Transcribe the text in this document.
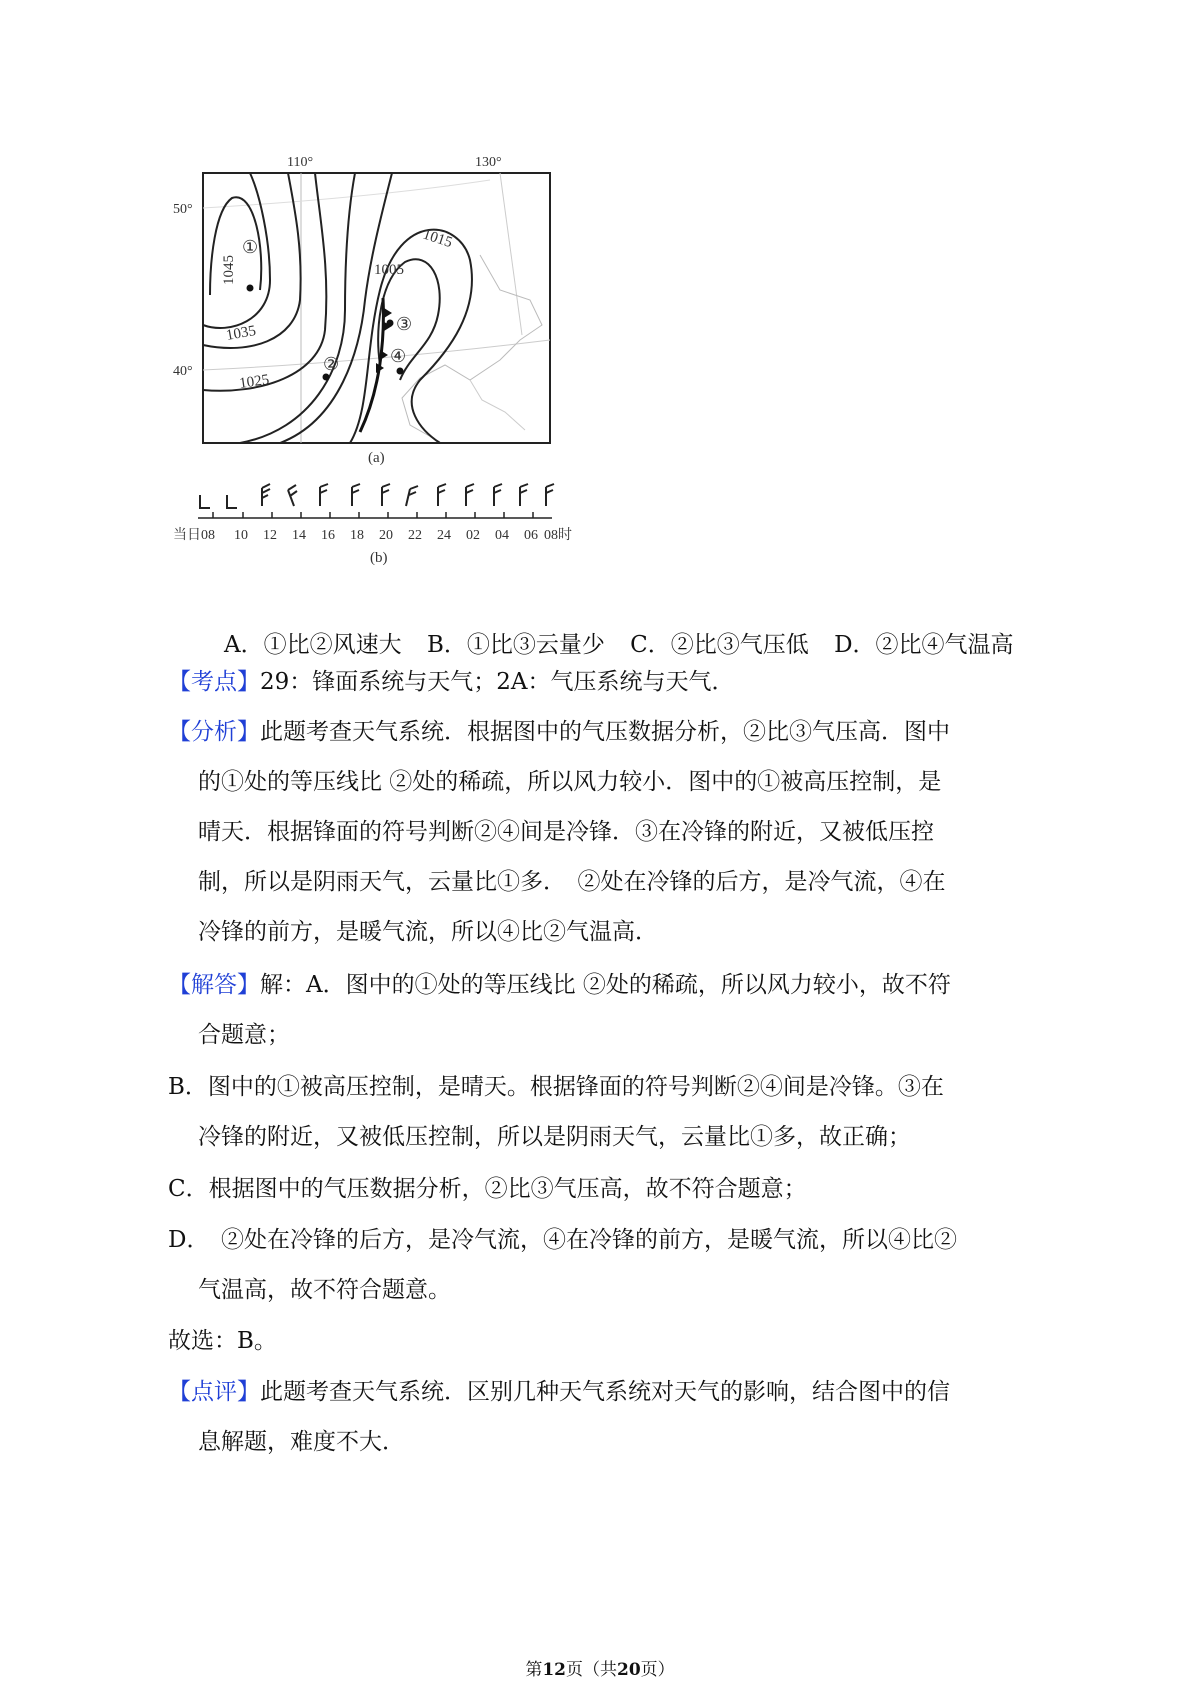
①
②
③
④
1045
1035
1025
1015
1005
110°	130°
50°
40°
(a)
当日08 10 12 14 16 18 20 22 24 02 04 06 08时
(b)
A．①比②风速大 B．①比③云量少 C．②比③气压低 D．②比④气温高

【考点】29：锋面系统与天气；2A：气压系统与天气．

【分析】此题考查天气系统．根据图中的气压数据分析，②比③气压高．图中

的①处的等压线比 ②处的稀疏，所以风力较小．图中的①被高压控制，是

晴天．根据锋面的符号判断②④间是冷锋．③在冷锋的附近，又被低压控

制，所以是阴雨天气，云量比①多．　②处在冷锋的后方，是冷气流，④在

冷锋的前方，是暖气流，所以④比②气温高．

【解答】解：A．图中的①处的等压线比 ②处的稀疏，所以风力较小，故不符

合题意；

B．图中的①被高压控制，是晴天。根据锋面的符号判断②④间是冷锋。③在

冷锋的附近，又被低压控制，所以是阴雨天气，云量比①多，故正确；

C．根据图中的气压数据分析，②比③气压高，故不符合题意；

D．　②处在冷锋的后方，是冷气流，④在冷锋的前方，是暖气流，所以④比②

气温高，故不符合题意。

故选：B。

【点评】此题考查天气系统．区别几种天气系统对天气的影响，结合图中的信

息解题，难度不大．

第12页（共20页）
